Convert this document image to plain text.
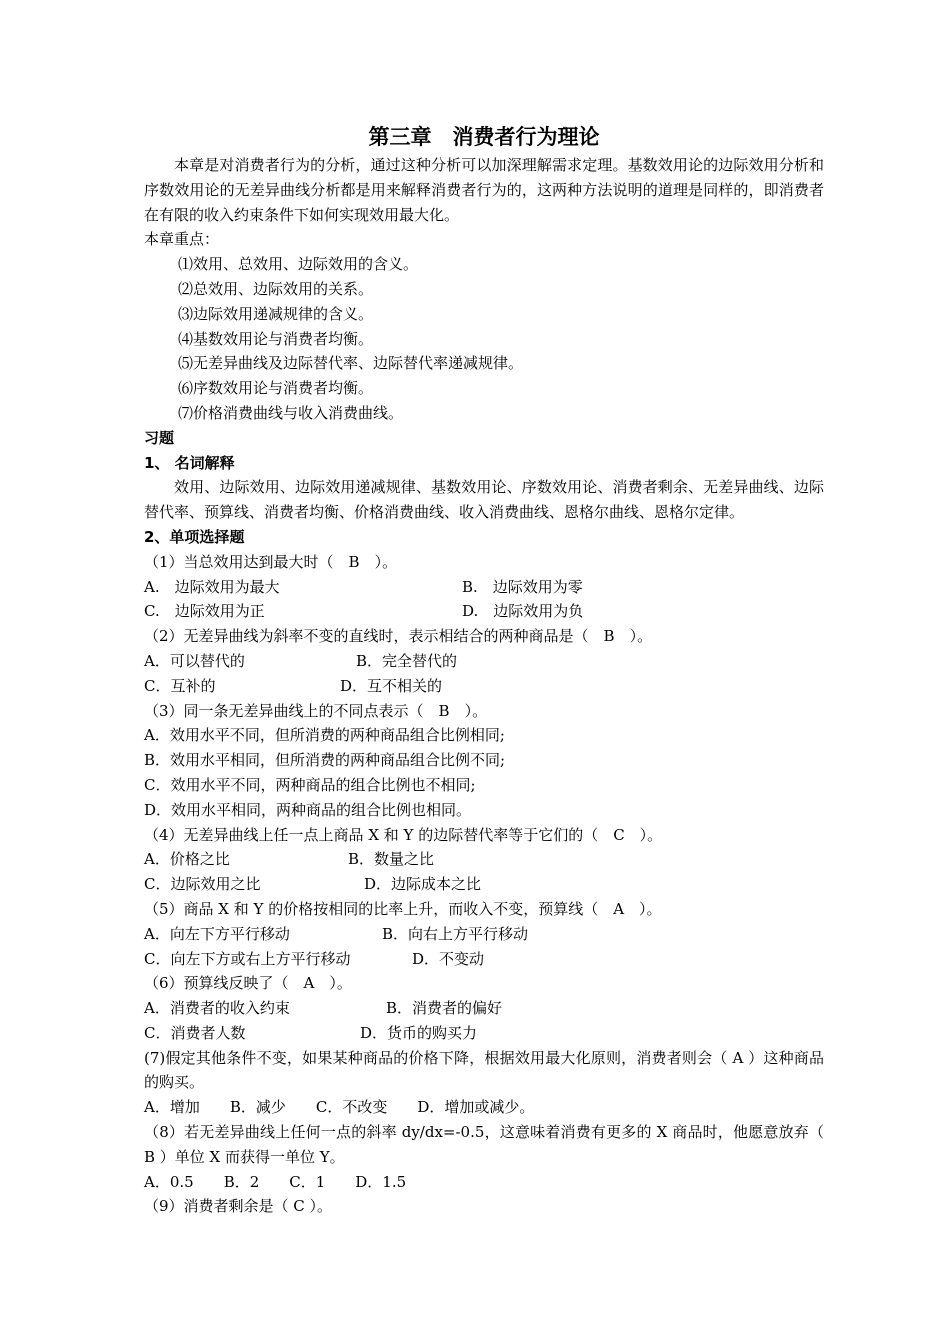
第三章　消费者行为理论

本章是对消费者行为的分析，通过这种分析可以加深理解需求定理。基数效用论的边际效用分析和序数效用论的无差异曲线分析都是用来解释消费者行为的，这两种方法说明的道理是同样的，即消费者在有限的收入约束条件下如何实现效用最大化。

本章重点：

⑴效用、总效用、边际效用的含义。

⑵总效用、边际效用的关系。

⑶边际效用递减规律的含义。

⑷基数效用论与消费者均衡。

⑸无差异曲线及边际替代率、边际替代率递减规律。

⑹序数效用论与消费者均衡。

⑺价格消费曲线与收入消费曲线。

习题

1、 名词解释

效用、边际效用、边际效用递减规律、基数效用论、序数效用论、消费者剩余、无差异曲线、边际替代率、预算线、消费者均衡、价格消费曲线、收入消费曲线、恩格尔曲线、恩格尔定律。

2、单项选择题

（1）当总效用达到最大时（　B　）。

A.　边际效用为最大	B.　边际效用为零
C.　边际效用为正	D.　边际效用为负

（2）无差异曲线为斜率不变的直线时，表示相结合的两种商品是（　B　）。

A．可以替代的	B．完全替代的
C．互补的	D．互不相关的

（3）同一条无差异曲线上的不同点表示（　B　）。

A．效用水平不同，但所消费的两种商品组合比例相同;

B．效用水平相同，但所消费的两种商品组合比例不同;

C．效用水平不同，两种商品的组合比例也不相同;

D．效用水平相同，两种商品的组合比例也相同。

（4）无差异曲线上任一点上商品 X 和 Y 的边际替代率等于它们的（　C　）。

A．价格之比	B．数量之比
C．边际效用之比	D．边际成本之比

（5）商品 X 和 Y 的价格按相同的比率上升，而收入不变，预算线（　A　）。

A．向左下方平行移动	B．向右上方平行移动
C．向左下方或右上方平行移动	D．不变动

（6）预算线反映了（　A　）。

A．消费者的收入约束	B．消费者的偏好
C．消费者人数	D．货币的购买力

(7)假定其他条件不变，如果某种商品的价格下降，根据效用最大化原则，消费者则会（ A ）这种商品的购买。

A．增加　　B．减少　　C．不改变　　D．增加或减少。

（8）若无差异曲线上任何一点的斜率 dy/dx=-0.5，这意味着消费有更多的 X 商品时，他愿意放弃（ B ）单位 X 而获得一单位 Y。

A．0.5　　B．2　　C．1　　D．1.5

（9）消费者剩余是（ C ）。
